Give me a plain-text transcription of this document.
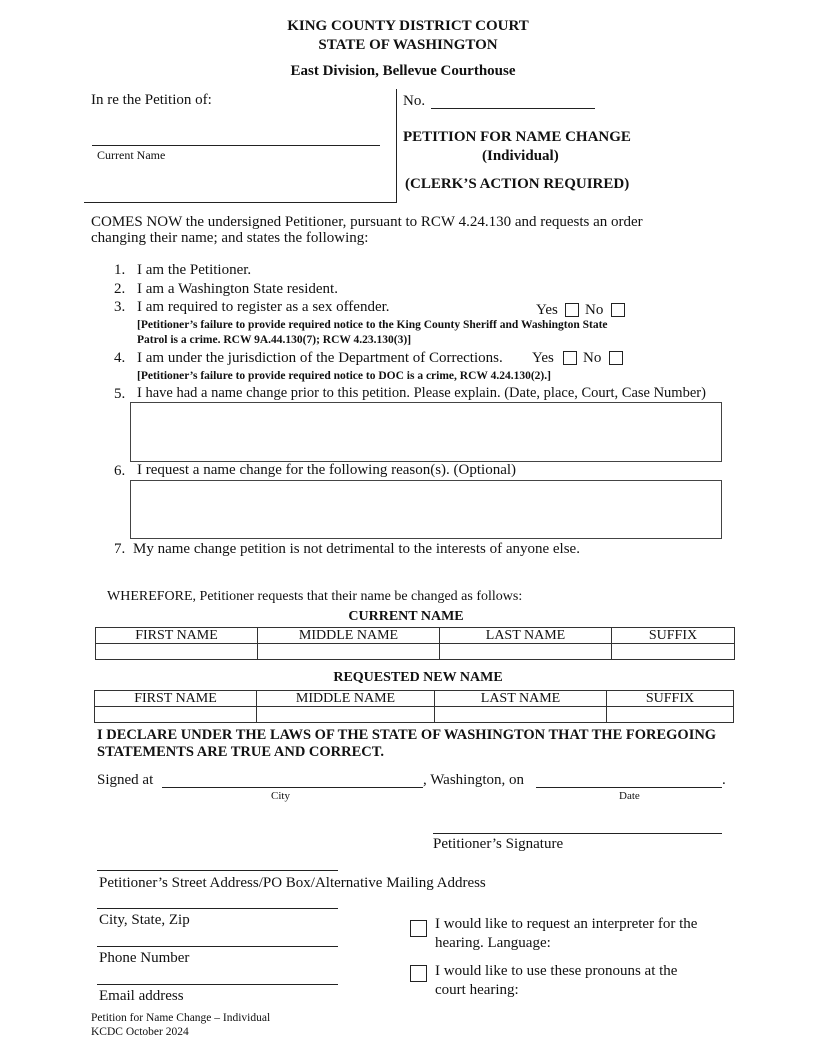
KING COUNTY DISTRICT COURT
STATE OF WASHINGTON
East Division, Bellevue Courthouse
In re the Petition of:
Current Name
No.
PETITION FOR NAME CHANGE
(Individual)
(CLERK’S ACTION REQUIRED)
COMES NOW the undersigned Petitioner, pursuant to RCW 4.24.130 and requests an order
changing their name; and states the following:
1. I am the Petitioner.
2. I am a Washington State resident.
3. I am required to register as a sex offender.	Yes No
[Petitioner’s failure to provide required notice to the King County Sheriff and Washington State
Patrol is a crime. RCW 9A.44.130(7); RCW 4.23.130(3)]
4. I am under the jurisdiction of the Department of Corrections. Yes No
[Petitioner’s failure to provide required notice to DOC is a crime, RCW 4.24.130(2).]
5. I have had a name change prior to this petition. Please explain. (Date, place, Court, Case Number)
6. I request a name change for the following reason(s). (Optional)
7. My name change petition is not detrimental to the interests of anyone else.
WHEREFORE, Petitioner requests that their name be changed as follows:
CURRENT NAME
FIRST NAME	MIDDLE NAME	LAST NAME	SUFFIX

REQUESTED NEW NAME
FIRST NAME	MIDDLE NAME	LAST NAME	SUFFIX

I DECLARE UNDER THE LAWS OF THE STATE OF WASHINGTON THAT THE FOREGOING
STATEMENTS ARE TRUE AND CORRECT.
Signed at	, Washington, on	.
City	Date
Petitioner’s Signature
Petitioner’s Street Address/PO Box/Alternative Mailing Address
City, State, Zip
Phone Number
Email address
I would like to request an interpreter for the
hearing. Language:
I would like to use these pronouns at the
court hearing:
Petition for Name Change – Individual
KCDC October 2024
